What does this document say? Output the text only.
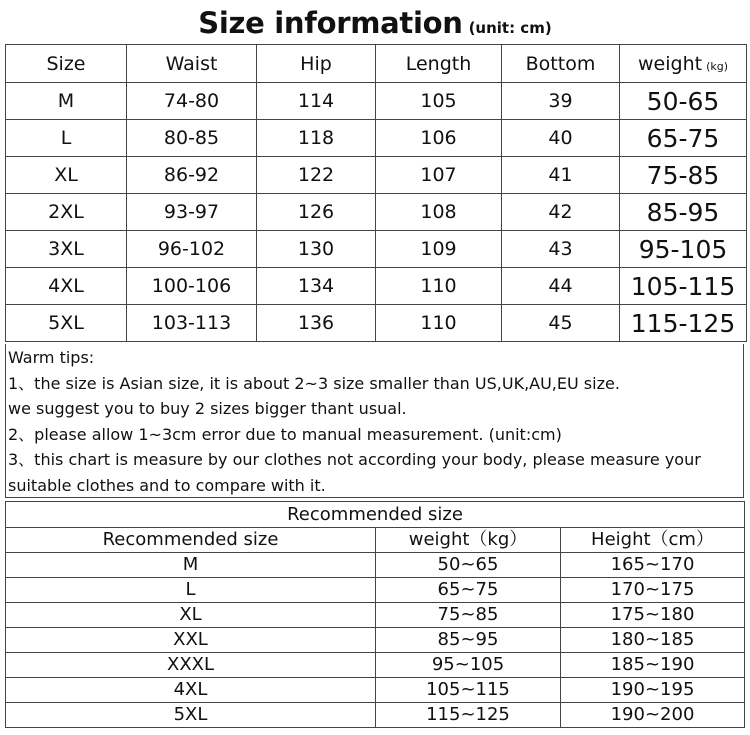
Size information (unit: cm)
Size	Waist	Hip	Length	Bottom	weight (kg)
M	74-80	114	105	39	50-65
L	80-85	118	106	40	65-75
XL	86-92	122	107	41	75-85
2XL	93-97	126	108	42	85-95
3XL	96-102	130	109	43	95-105
4XL	100-106	134	110	44	105-115
5XL	103-113	136	110	45	115-125
Warm tips:
1、the size is Asian size, it is about 2~3 size smaller than US,UK,AU,EU size.
we suggest you to buy 2 sizes bigger thant usual.
2、please allow 1~3cm error due to manual measurement. (unit:cm)
3、this chart is measure by our clothes not according your body, please measure your
suitable clothes and to compare with it.
Recommended size		
Recommended size	weight（kg）	Height（cm）
M	50~65	165~170
L	65~75	170~175
XL	75~85	175~180
XXL	85~95	180~185
XXXL	95~105	185~190
4XL	105~115	190~195
5XL	115~125	190~200
